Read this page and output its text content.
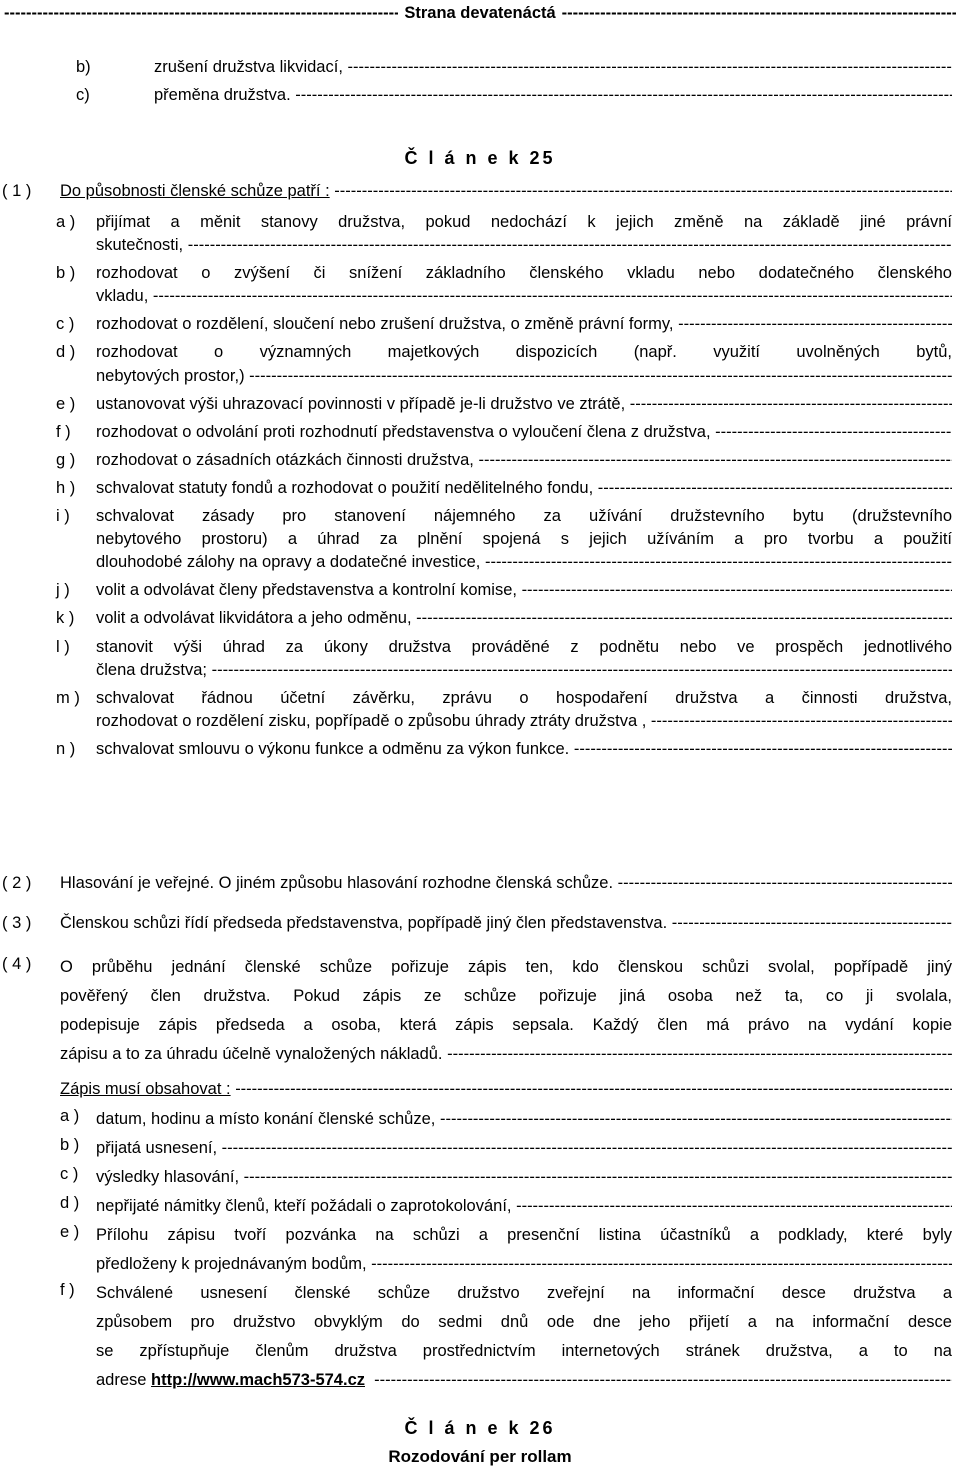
-----
Strana devatenáctá
-----
b)	zrušení družstva likvidací,

-----
c)	přeměna družstva.

-----
Č l á n e k 25
( 1 )	Do působnosti členské schůze patří :

-----
a ) přijímat a měnit stanovy družstva, pokud nedochází k jejich změně na základě jiné právní
skutečnosti,

-----
b ) rozhodovat o zvýšení či snížení základního členského vkladu nebo dodatečného členského
vkladu,

-----
c ) rozhodovat o rozdělení, sloučení nebo zrušení družstva, o změně právní formy,

-----
d ) rozhodovat o významných majetkových dispozicích (např. využití uvolněných bytů,
nebytových prostor,)

-----
e ) ustanovovat výši uhrazovací povinnosti v případě je-li družstvo ve ztrátě,

-----
f ) rozhodovat o odvolání proti rozhodnutí představenstva o vyloučení člena z družstva,

-----
g ) rozhodovat o zásadních otázkách činnosti družstva,

-----
h ) schvalovat statuty fondů a rozhodovat o použití nedělitelného fondu,

-----
i ) schvalovat zásady pro stanovení nájemného za užívání družstevního bytu (družstevního
nebytového prostoru) a úhrad za plnění spojená s jejich užíváním a pro tvorbu a použití
dlouhodobé zálohy na opravy a dodatečné investice,

-----
j ) volit a odvolávat členy představenstva a kontrolní komise,

-----
k ) volit a odvolávat likvidátora a jeho odměnu,

-----
l ) stanovit výši úhrad za úkony družstva prováděné z podnětu nebo ve prospěch jednotlivého
člena družstva;

-----
m ) schvalovat řádnou účetní závěrku, zprávu o hospodaření družstva a činnosti družstva,
rozhodovat o rozdělení zisku, popřípadě o způsobu úhrady ztráty družstva ,

-----
n ) schvalovat smlouvu o výkonu funkce a odměnu za výkon funkce.

-----
( 2 )	Hlasování je veřejné. O jiném způsobu hlasování rozhodne členská schůze.

-----
( 3 )	Členskou schůzi řídí předseda představenstva, popřípadě jiný člen představenstva.

-----
( 4 )	O průběhu jednání členské schůze pořizuje zápis ten, kdo členskou schůzi svolal, popřípadě jiný
pověřený člen družstva. Pokud zápis ze schůze pořizuje jiná osoba než ta, co ji svolala,
podepisuje zápis předseda a osoba, která zápis sepsala. Každý člen má právo na vydání kopie
zápisu a to za úhradu účelně vynaložených nákladů.

-----
Zápis musí obsahovat :

-----
a ) datum, hodinu a místo konání členské schůze,

-----
b ) přijatá usnesení,

-----
c ) výsledky hlasování,

-----
d ) nepřijaté námitky členů, kteří požádali o zaprotokolování,

-----
e ) Přílohu zápisu tvoří pozvánka na schůzi a presenční listina účastníků a podklady, které byly
předloženy k projednávaným bodům,

-----
f ) Schválené usnesení členské schůze družstvo zveřejní na informační desce družstva a
způsobem pro družstvo obvyklým do sedmi dnů ode dne jeho přijetí a na informační desce
se zpřístupňuje členům družstva prostřednictvím internetových stránek družstva, a to na
adrese
http://www.mach573-574.cz

-----
Č l á n e k 26
Rozodování per rollam
